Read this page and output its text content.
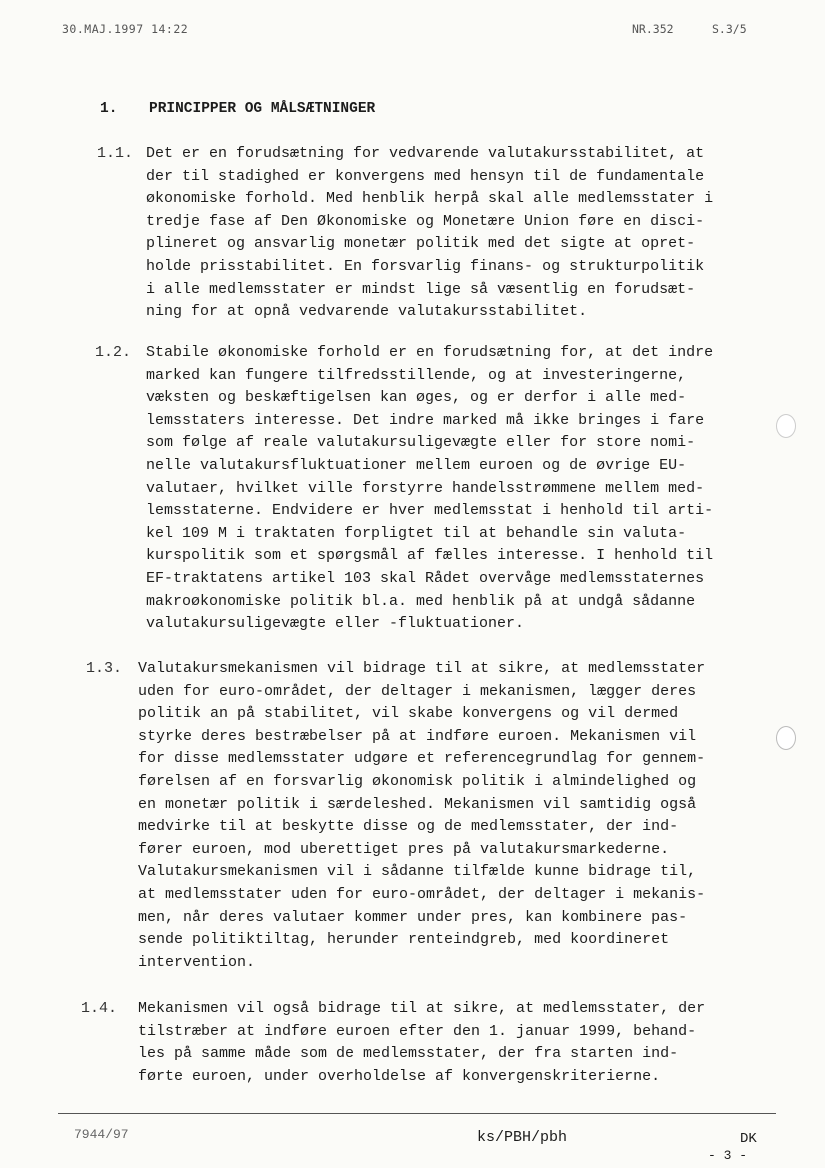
30.MAJ.1997 14:22	NR.352	S.3/5
1. PRINCIPPER OG MÅLSÆTNINGER
1.1. Det er en forudsætning for vedvarende valutakursstabilitet, at
der til stadighed er konvergens med hensyn til de fundamentale
økonomiske forhold. Med henblik herpå skal alle medlemsstater i
tredje fase af Den Økonomiske og Monetære Union føre en disci-
plineret og ansvarlig monetær politik med det sigte at opret-
holde prisstabilitet. En forsvarlig finans- og strukturpolitik
i alle medlemsstater er mindst lige så væsentlig en forudsæt-
ning for at opnå vedvarende valutakursstabilitet.
1.2. Stabile økonomiske forhold er en forudsætning for, at det indre
marked kan fungere tilfredsstillende, og at investeringerne,
væksten og beskæftigelsen kan øges, og er derfor i alle med-
lemsstaters interesse. Det indre marked må ikke bringes i fare
som følge af reale valutakursuligevægte eller for store nomi-
nelle valutakursfluktuationer mellem euroen og de øvrige EU-
valutaer, hvilket ville forstyrre handelsstrømmene mellem med-
lemsstaterne. Endvidere er hver medlemsstat i henhold til arti-
kel 109 M i traktaten forpligtet til at behandle sin valuta-
kurspolitik som et spørgsmål af fælles interesse. I henhold til
EF-traktatens artikel 103 skal Rådet overvåge medlemsstaternes
makroøkonomiske politik bl.a. med henblik på at undgå sådanne
valutakursuligevægte eller -fluktuationer.
1.3. Valutakursmekanismen vil bidrage til at sikre, at medlemsstater
uden for euro-området, der deltager i mekanismen, lægger deres
politik an på stabilitet, vil skabe konvergens og vil dermed
styrke deres bestræbelser på at indføre euroen. Mekanismen vil
for disse medlemsstater udgøre et referencegrundlag for gennem-
førelsen af en forsvarlig økonomisk politik i almindelighed og
en monetær politik i særdeleshed. Mekanismen vil samtidig også
medvirke til at beskytte disse og de medlemsstater, der ind-
fører euroen, mod uberettiget pres på valutakursmarkederne.
Valutakursmekanismen vil i sådanne tilfælde kunne bidrage til,
at medlemsstater uden for euro-området, der deltager i mekanis-
men, når deres valutaer kommer under pres, kan kombinere pas-
sende politiktiltag, herunder renteindgreb, med koordineret
intervention.
1.4. Mekanismen vil også bidrage til at sikre, at medlemsstater, der
tilstræber at indføre euroen efter den 1. januar 1999, behand-
les på samme måde som de medlemsstater, der fra starten ind-
førte euroen, under overholdelse af konvergenskriterierne.
7944/97	ks/PBH/pbh	DK
- 3 -
